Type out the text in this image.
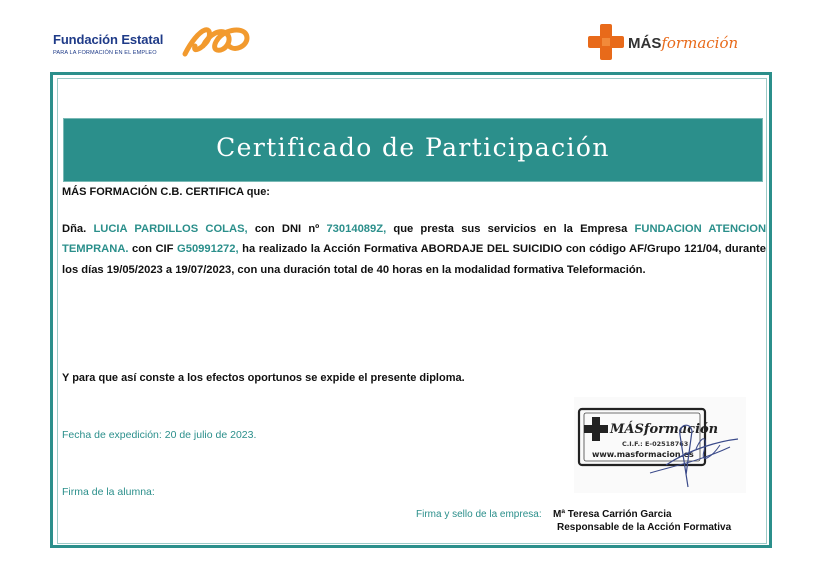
Fundación Estatal
PARA LA FORMACIÓN EN EL EMPLEO
MÁSformación
Certificado de Participación
MÁS FORMACIÓN C.B. CERTIFICA que:
Dña. LUCIA PARDILLOS COLAS, con DNI nº 73014089Z, que presta sus servicios en la Empresa FUNDACION ATENCION TEMPRANA. con CIF G50991272, ha realizado la Acción Formativa ABORDAJE DEL SUICIDIO con código AF/Grupo 121/04, durante los días 19/05/2023 a 19/07/2023, con una duración total de 40 horas en la modalidad formativa Teleformación.
Y para que así conste a los efectos oportunos se expide el presente diploma.
Fecha de expedición: 20 de julio de 2023.
Firma de la alumna:
Firma y sello de la empresa: Mª Teresa Carrión Garcia
Responsable de la Acción Formativa
MÁSformación
C.I.F.: E-02518763
www.masformacion.es
